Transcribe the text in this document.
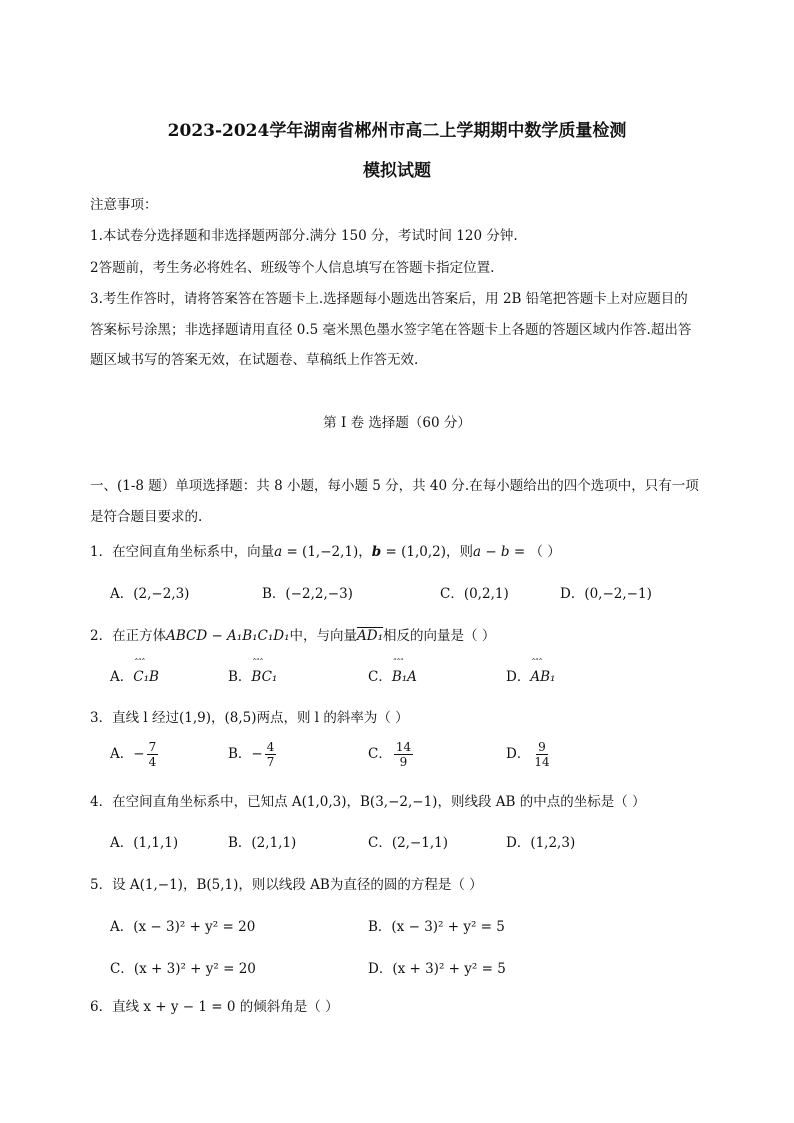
2023-2024学年湖南省郴州市高二上学期期中数学质量检测
模拟试题
注意事项：
1.本试卷分选择题和非选择题两部分.满分 150 分，考试时间 120 分钟.
2答题前，考生务必将姓名、班级等个人信息填写在答题卡指定位置.
3.考生作答时，请将答案答在答题卡上.选择题每小题选出答案后，用 2B 铅笔把答题卡上对应题目的
答案标号涂黑；非选择题请用直径 0.5 毫米黑色墨水签字笔在答题卡上各题的答题区域内作答.超出答
题区域书写的答案无效，在试题卷、草稿纸上作答无效.
第 I 卷 选择题（60 分）
一、(1-8 题）单项选择题：共 8 小题，每小题 5 分，共 40 分.在每小题给出的四个选项中，只有一项
是符合题目要求的.
1．在空间直角坐标系中，向量a = (1,−2,1)，b = (1,0,2)，则a − b = （ ）
A．(2,−2,3)	B．(−2,2,−3)	C．(0,2,1)	D．(0,−2,−1)
2．在正方体ABCD − A₁B₁C₁D₁中，与向量AD₁相反的向量是（ ）
A．ˆˆˆ C₁B	B．ˆˆˆ BC₁	C．ˆˆˆ B₁A	D．ˆˆˆ AB₁
3．直线 l 经过(1,9)，(8,5)两点，则 l 的斜率为（ ）
A．− $\frac{7}{4}$	B．− $\frac{4}{7}$	C． $\frac{14}{9}$	D． $\frac{9}{14}$
4．在空间直角坐标系中，已知点 A(1,0,3)，B(3,−2,−1)，则线段 AB 的中点的坐标是（ ）
A．(1,1,1)	B．(2,1,1)	C．(2,−1,1)	D．(1,2,3)
5．设 A(1,−1)，B(5,1)，则以线段 AB为直径的圆的方程是（ ）
A．(x − 3)² + y² = 20	B．(x − 3)² + y² = 5
C．(x + 3)² + y² = 20	D．(x + 3)² + y² = 5
6．直线 x + y − 1 = 0 的倾斜角是（ ）
